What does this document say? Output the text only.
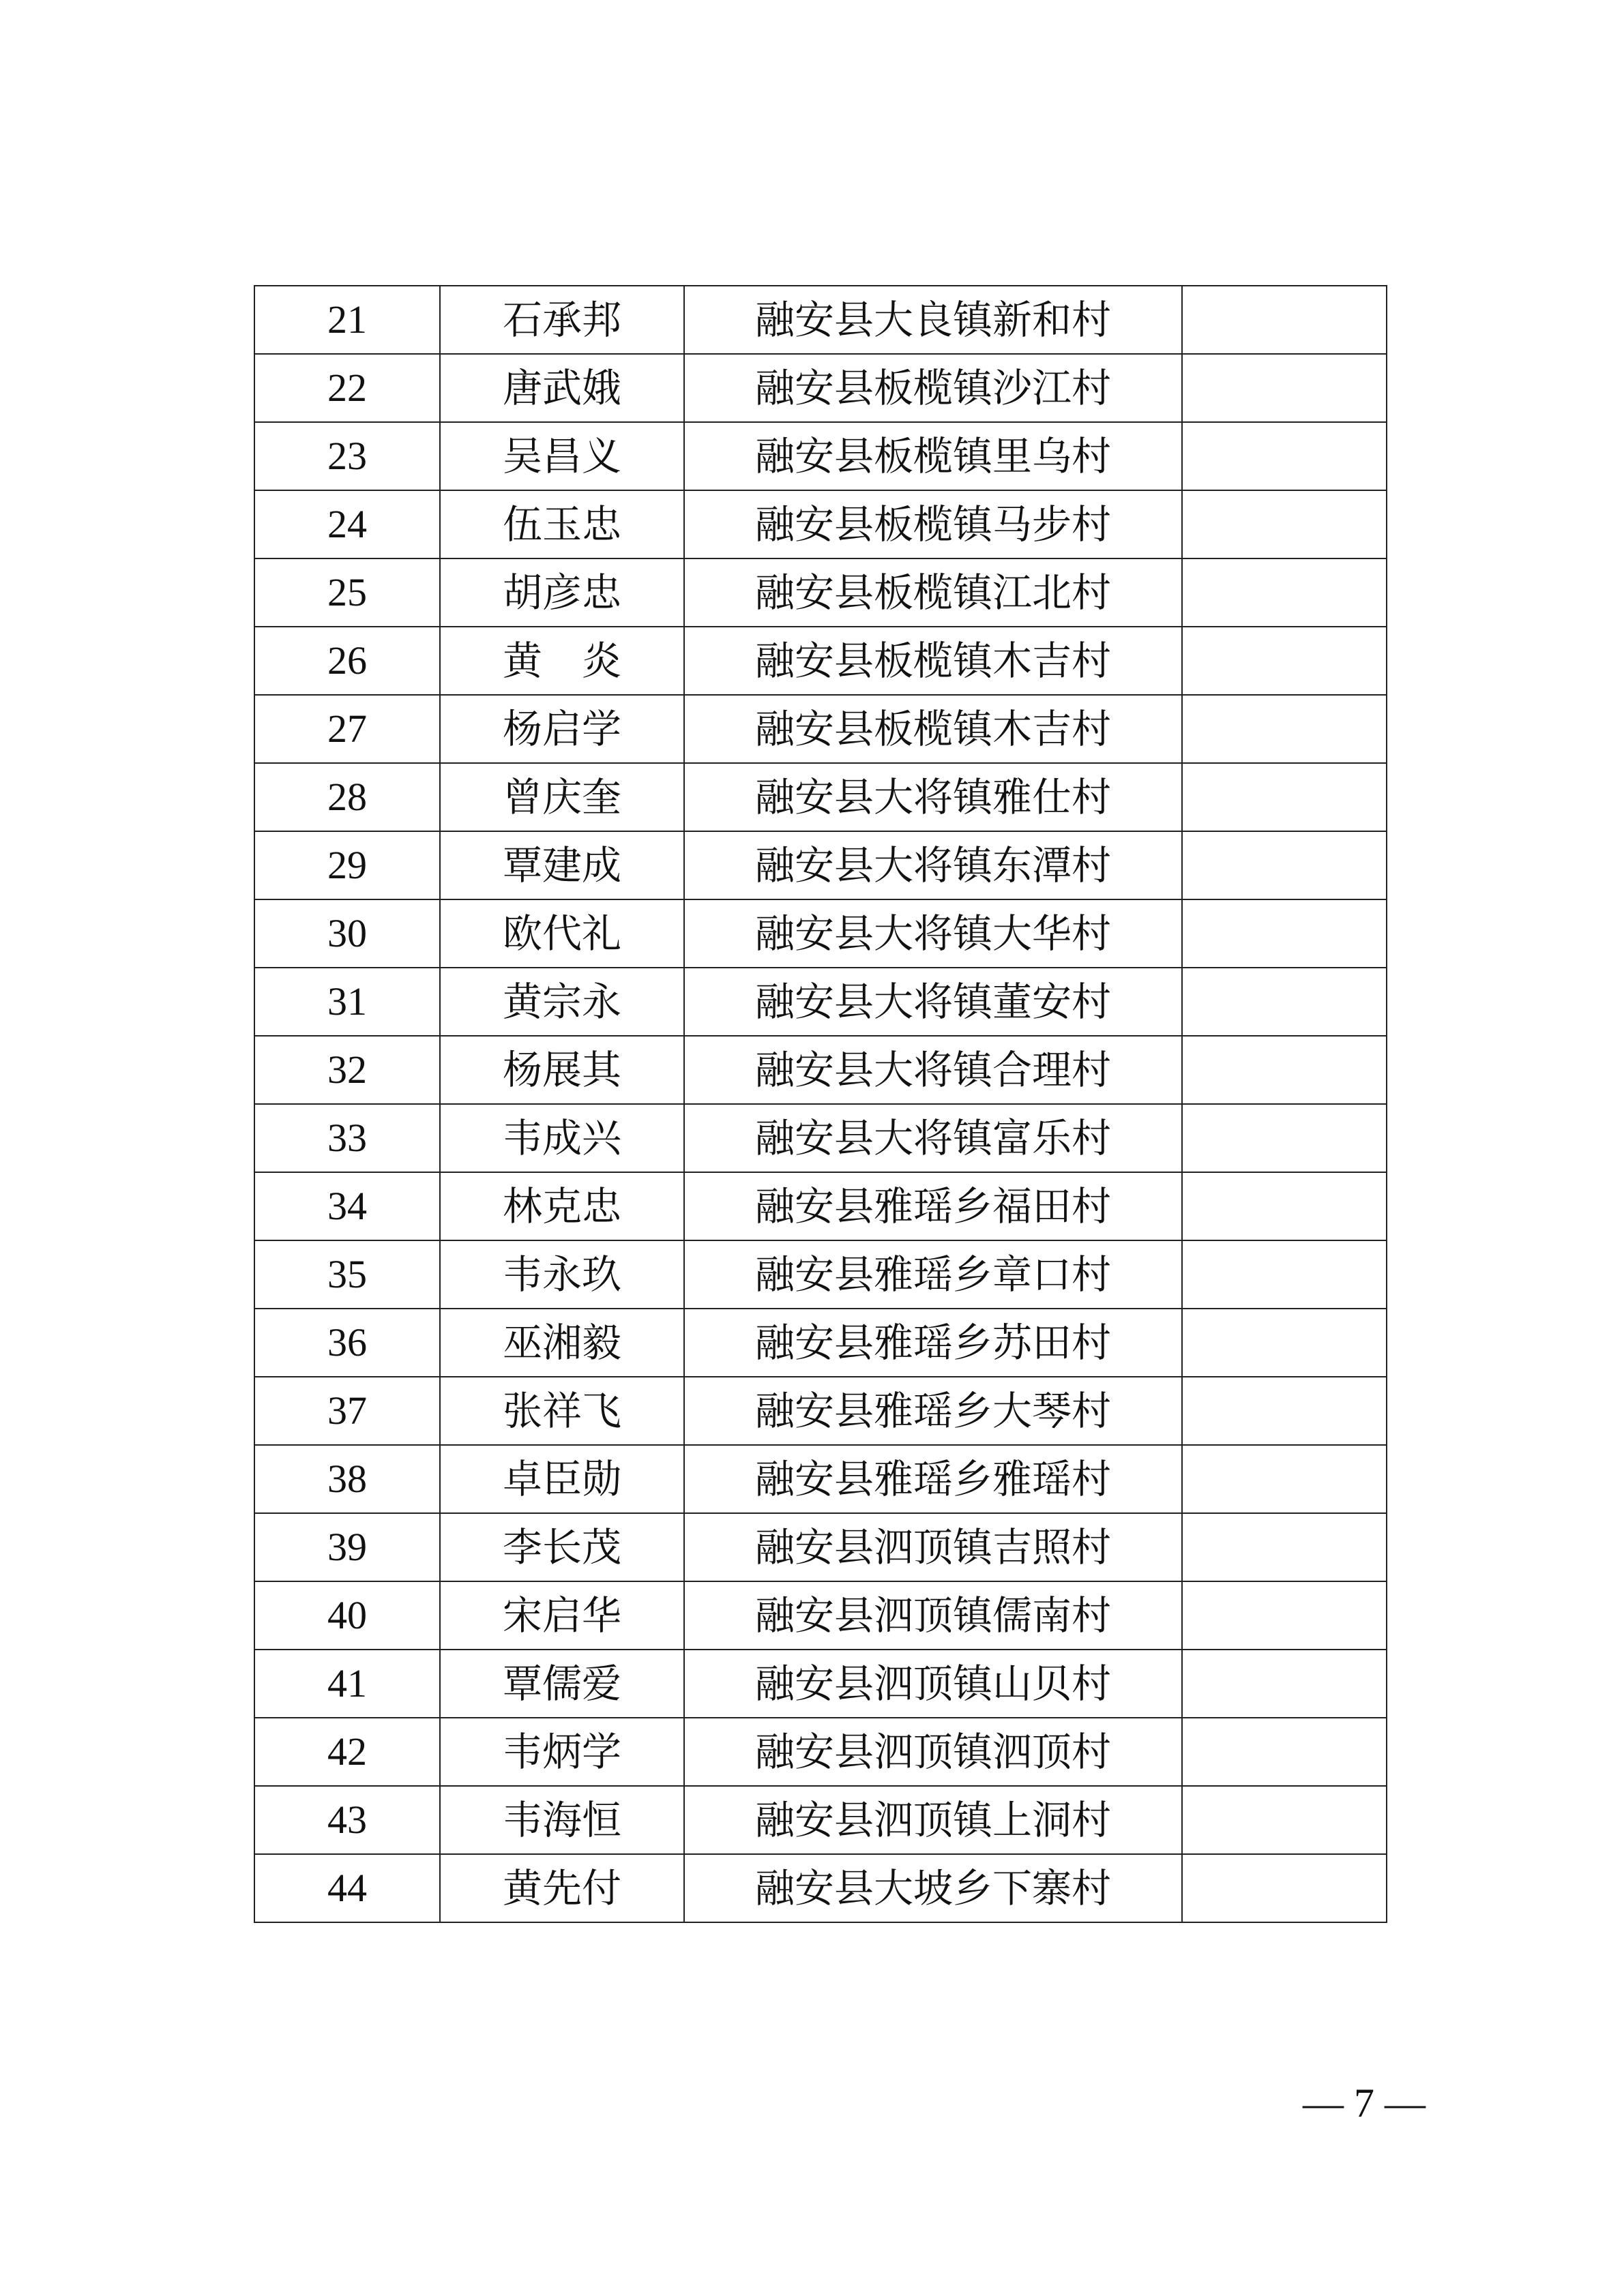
21	石承邦	融安县大良镇新和村	
22	唐武娥	融安县板榄镇沙江村	
23	吴昌义	融安县板榄镇里乌村	
24	伍玉忠	融安县板榄镇马步村	
25	胡彦忠	融安县板榄镇江北村	
26	黄　炎	融安县板榄镇木吉村	
27	杨启学	融安县板榄镇木吉村	
28	曾庆奎	融安县大将镇雅仕村	
29	覃建成	融安县大将镇东潭村	
30	欧代礼	融安县大将镇大华村	
31	黄宗永	融安县大将镇董安村	
32	杨展其	融安县大将镇合理村	
33	韦成兴	融安县大将镇富乐村	
34	林克忠	融安县雅瑶乡福田村	
35	韦永玖	融安县雅瑶乡章口村	
36	巫湘毅	融安县雅瑶乡苏田村	
37	张祥飞	融安县雅瑶乡大琴村	
38	卓臣勋	融安县雅瑶乡雅瑶村	
39	李长茂	融安县泗顶镇吉照村	
40	宋启华	融安县泗顶镇儒南村	
41	覃儒爱	融安县泗顶镇山贝村	
42	韦炳学	融安县泗顶镇泗顶村	
43	韦海恒	融安县泗顶镇上洞村	
44	黄先付	融安县大坡乡下寨村	
— 7 —
